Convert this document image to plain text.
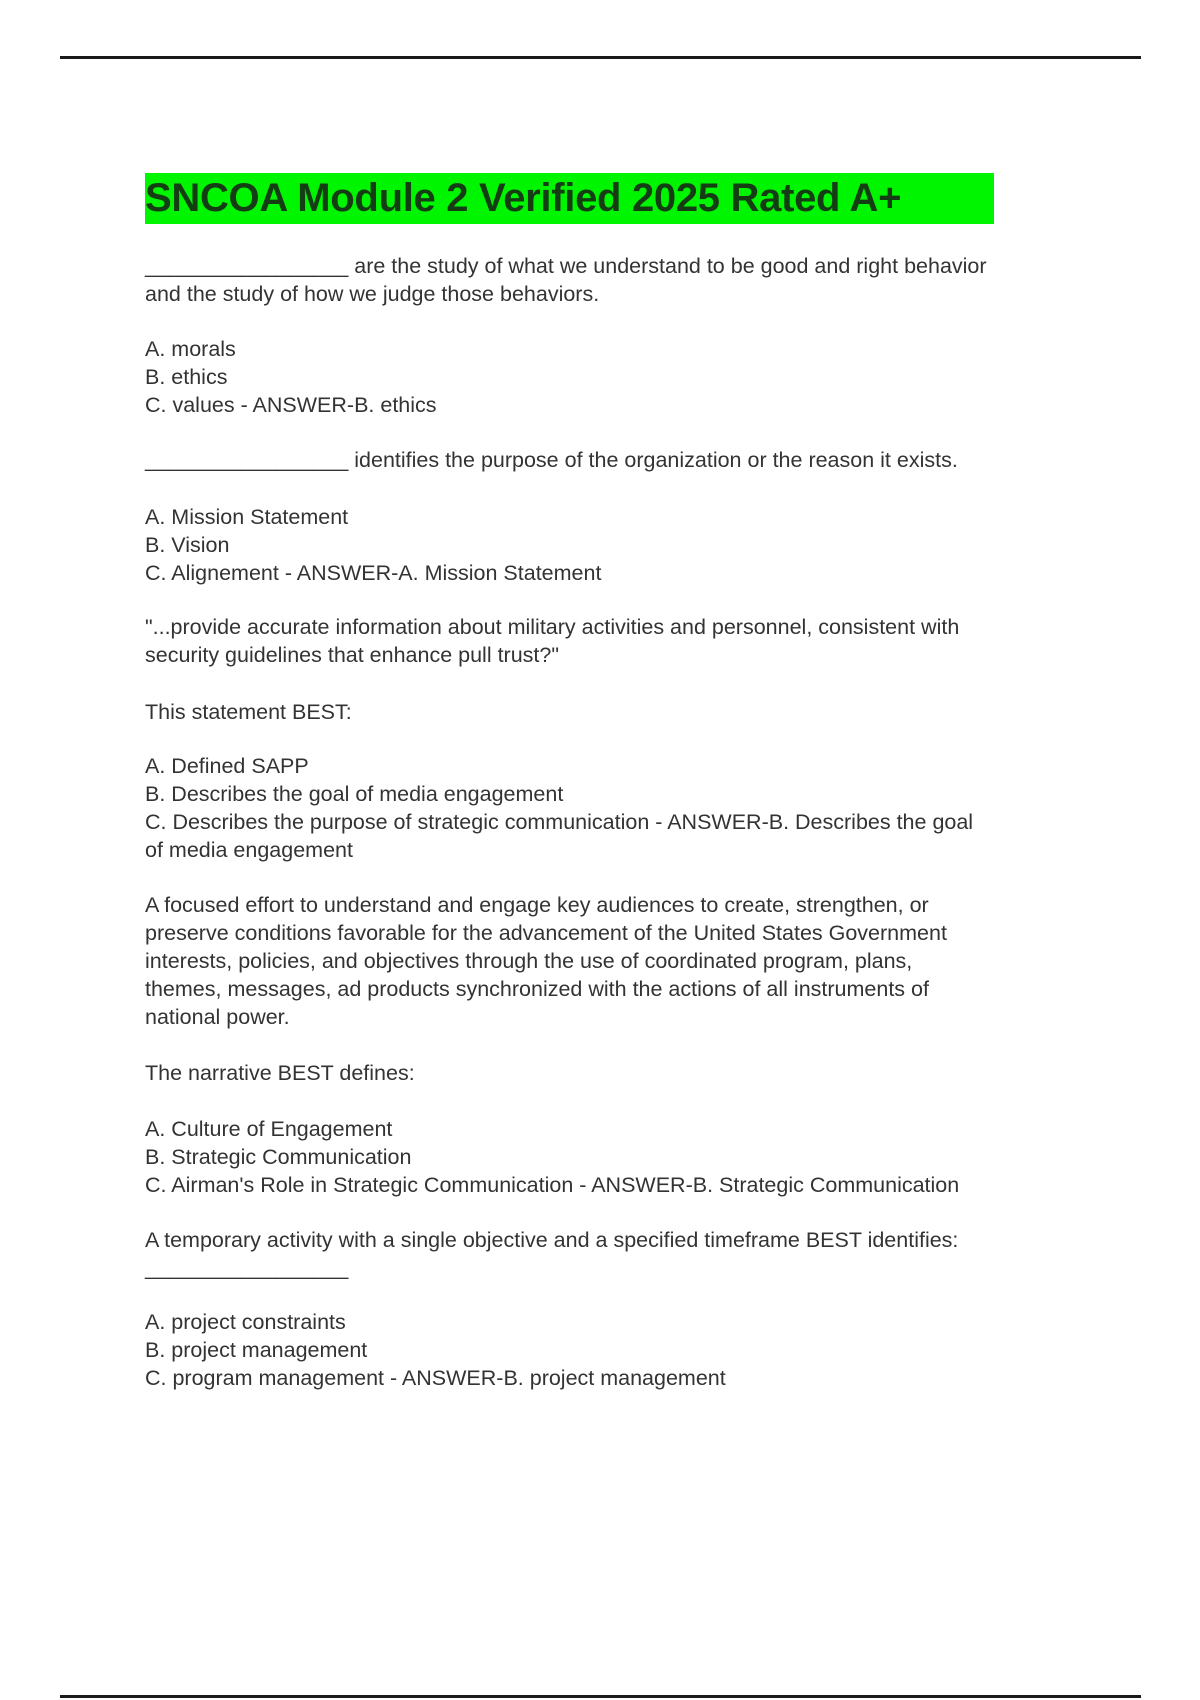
SNCOA Module 2 Verified 2025 Rated A+
_________________ are the study of what we understand to be good and right behavior
and the study of how we judge those behaviors.
A. morals
B. ethics
C. values - ANSWER-B. ethics
_________________ identifies the purpose of the organization or the reason it exists.
A. Mission Statement
B. Vision
C. Alignement - ANSWER-A. Mission Statement
"...provide accurate information about military activities and personnel, consistent with
security guidelines that enhance pull trust?"
This statement BEST:
A. Defined SAPP
B. Describes the goal of media engagement
C. Describes the purpose of strategic communication - ANSWER-B. Describes the goal
of media engagement
A focused effort to understand and engage key audiences to create, strengthen, or
preserve conditions favorable for the advancement of the United States Government
interests, policies, and objectives through the use of coordinated program, plans,
themes, messages, ad products synchronized with the actions of all instruments of
national power.
The narrative BEST defines:
A. Culture of Engagement
B. Strategic Communication
C. Airman's Role in Strategic Communication - ANSWER-B. Strategic Communication
A temporary activity with a single objective and a specified timeframe BEST identifies:
_________________
A. project constraints
B. project management
C. program management - ANSWER-B. project management
